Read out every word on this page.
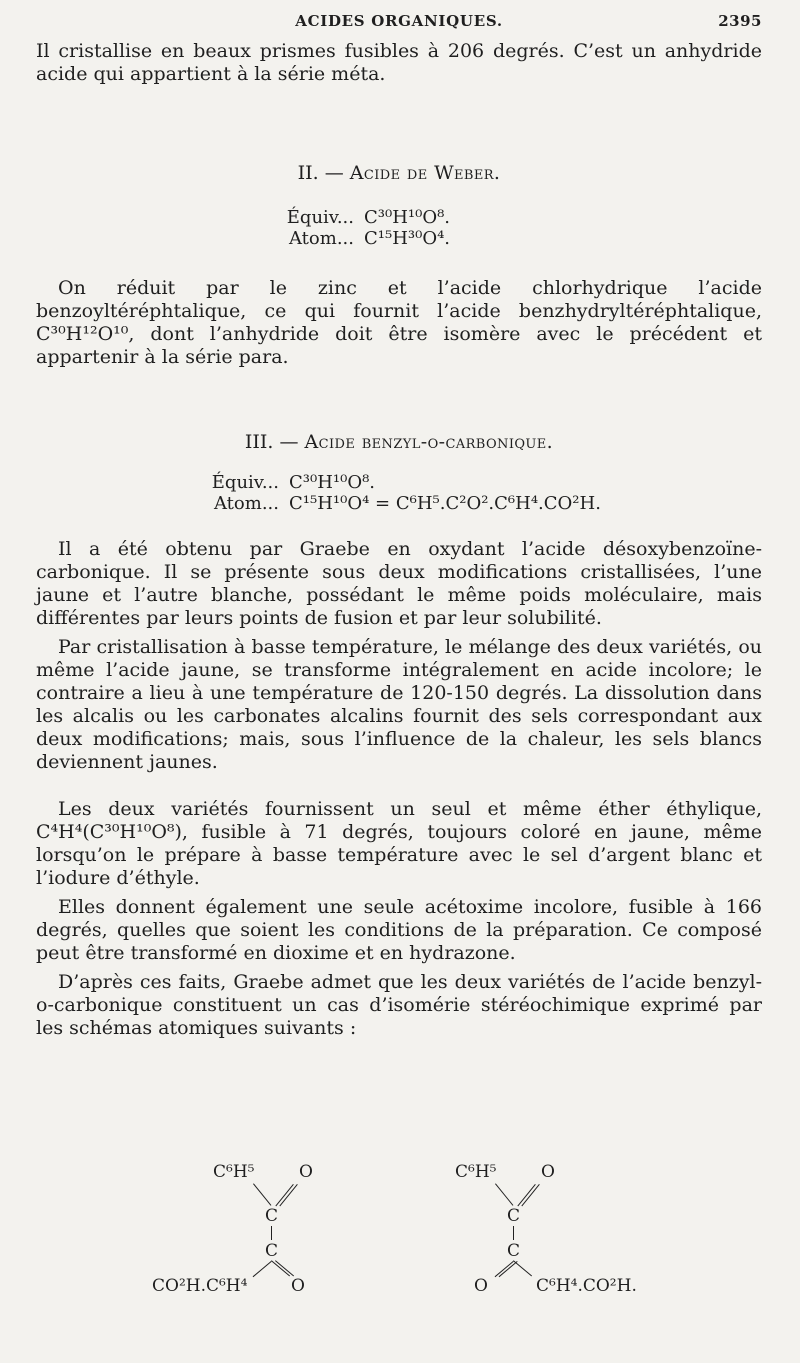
ACIDES ORGANIQUES.	2395

Il cristallise en beaux prismes fusibles à 206 degrés. C’est un anhydride acide qui appartient à la série méta.

II. — Acide de Weber.
Équiv... C³⁰H¹⁰O⁸.
Atom... C¹⁵H³⁰O⁴.

On réduit par le zinc et l’acide chlorhydrique l’acide benzoyltéréphtalique, ce qui fournit l’acide benzhydryltéréphtalique, C³⁰H¹²O¹⁰, dont l’anhydride doit être isomère avec le précédent et appartenir à la série para.

III. — Acide benzyl-o-carbonique.
Équiv... C³⁰H¹⁰O⁸.
Atom... C¹⁵H¹⁰O⁴ = C⁶H⁵.C²O².C⁶H⁴.CO²H.

Il a été obtenu par Graebe en oxydant l’acide désoxybenzoïne-carbonique. Il se présente sous deux modifications cristallisées, l’une jaune et l’autre blanche, possédant le même poids moléculaire, mais différentes par leurs points de fusion et par leur solubilité.

Par cristallisation à basse température, le mélange des deux variétés, ou même l’acide jaune, se transforme intégralement en acide incolore; le contraire a lieu à une température de 120-150 degrés. La dissolution dans les alcalis ou les carbonates alcalins fournit des sels correspondant aux deux modifications; mais, sous l’influence de la chaleur, les sels blancs deviennent jaunes.

Les deux variétés fournissent un seul et même éther éthylique, C⁴H⁴(C³⁰H¹⁰O⁸), fusible à 71 degrés, toujours coloré en jaune, même lorsqu’on le prépare à basse température avec le sel d’argent blanc et l’iodure d’éthyle.

Elles donnent également une seule acétoxime incolore, fusible à 166 degrés, quelles que soient les conditions de la préparation. Ce composé peut être transformé en dioxime et en hydrazone.

D’après ces faits, Graebe admet que les deux variétés de l’acide benzyl-o-carbonique constituent un cas d’isomérie stéréochimique exprimé par les schémas atomiques suivants :

C⁶H⁵	O
C
C
CO²H.C⁶H⁴	O
C⁶H⁵	O
C
C
O	C⁶H⁴.CO²H.
